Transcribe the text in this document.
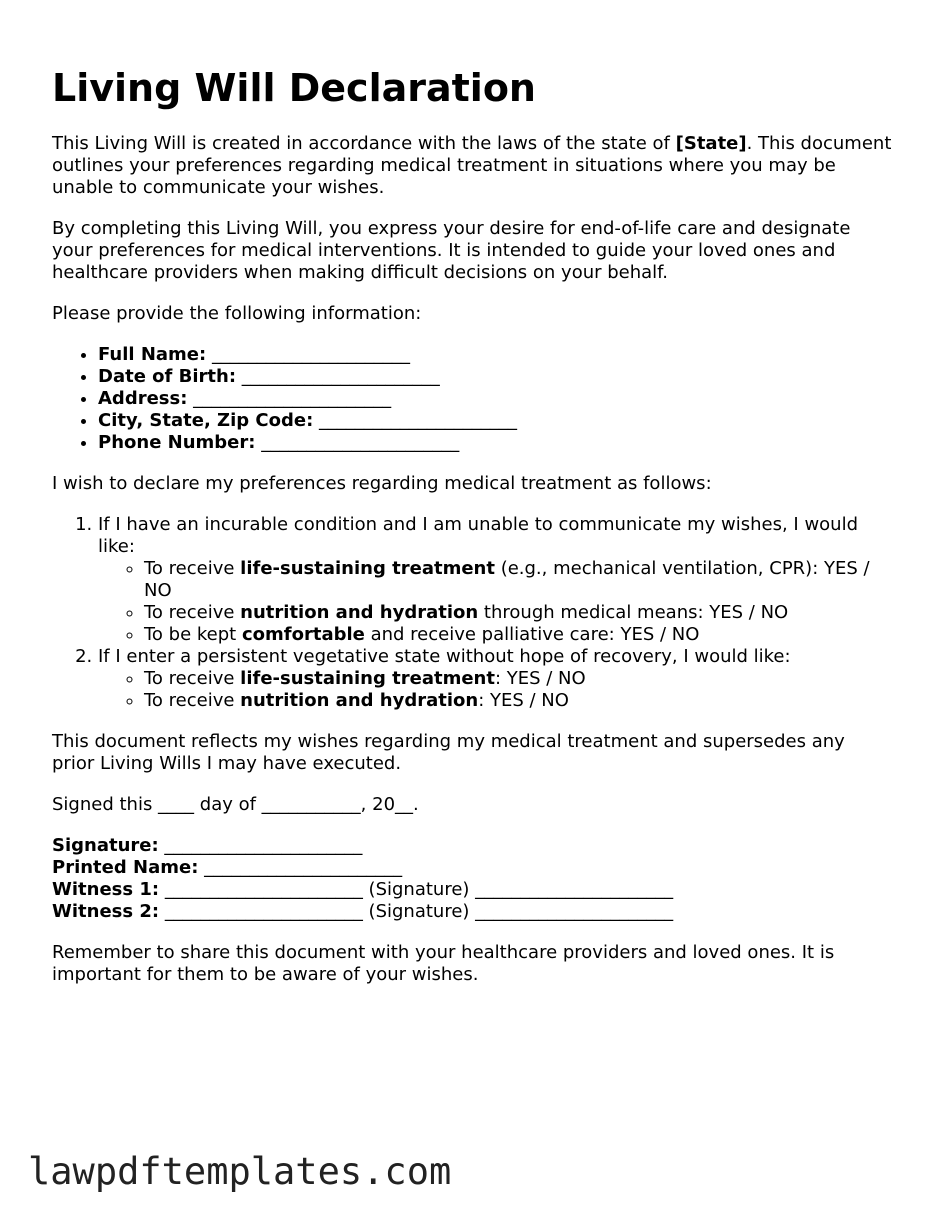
Living Will Declaration

This Living Will is created in accordance with the laws of the state of [State]. This document outlines your preferences regarding medical treatment in situations where you may be unable to communicate your wishes.

By completing this Living Will, you express your desire for end-of-life care and designate your preferences for medical interventions. It is intended to guide your loved ones and healthcare providers when making difficult decisions on your behalf.

Please provide the following information:

• Full Name: ______________________
• Date of Birth: ______________________
• Address: ______________________
• City, State, Zip Code: ______________________
• Phone Number: ______________________

I wish to declare my preferences regarding medical treatment as follows:

1. If I have an incurable condition and I am unable to communicate my wishes, I would like:
◦ To receive life-sustaining treatment (e.g., mechanical ventilation, CPR): YES / NO
◦ To receive nutrition and hydration through medical means: YES / NO
◦ To be kept comfortable and receive palliative care: YES / NO
2. If I enter a persistent vegetative state without hope of recovery, I would like:
◦ To receive life-sustaining treatment: YES / NO
◦ To receive nutrition and hydration: YES / NO

This document reflects my wishes regarding my medical treatment and supersedes any prior Living Wills I may have executed.

Signed this ____ day of ___________, 20__.

Signature: ______________________
Printed Name: ______________________
Witness 1: ______________________ (Signature) ______________________
Witness 2: ______________________ (Signature) ______________________

Remember to share this document with your healthcare providers and loved ones. It is important for them to be aware of your wishes.

lawpdftemplates.com
